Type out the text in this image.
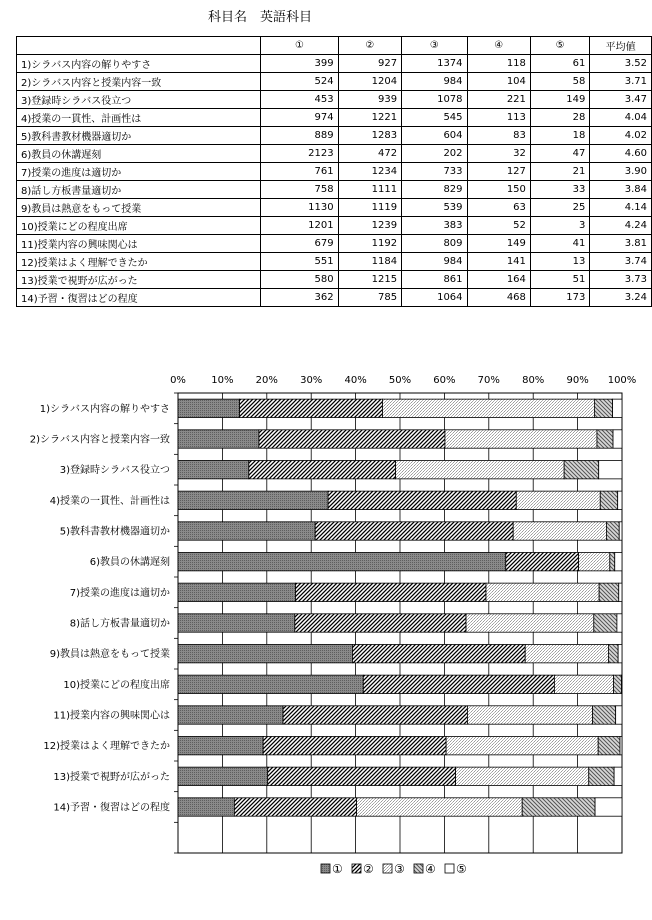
科目名　英語科目
	①	②	③	④	⑤	平均値
1)シラバス内容の解りやすさ	399	927	1374	118	61	3.52
2)シラバス内容と授業内容一致	524	1204	984	104	58	3.71
3)登録時シラバス役立つ	453	939	1078	221	149	3.47
4)授業の一貫性、計画性は	974	1221	545	113	28	4.04
5)教科書教材機器適切か	889	1283	604	83	18	4.02
6)教員の休講遅刻	2123	472	202	32	47	4.60
7)授業の進度は適切か	761	1234	733	127	21	3.90
8)話し方板書量適切か	758	1111	829	150	33	3.84
9)教員は熱意をもって授業	1130	1119	539	63	25	4.14
10)授業にどの程度出席	1201	1239	383	52	3	4.24
11)授業内容の興味関心は	679	1192	809	149	41	3.81
12)授業はよく理解できたか	551	1184	984	141	13	3.74
13)授業で視野が広がった	580	1215	861	164	51	3.73
14)予習・復習はどの程度	362	785	1064	468	173	3.24
0%	10% 20% 30% 40% 50% 60% 70% 80% 90% 100%
1)シラバス内容の解りやすさ
2)シラバス内容と授業内容一致
3)登録時シラバス役立つ
4)授業の一貫性、計画性は
5)教科書教材機器適切か
6)教員の休講遅刻
7)授業の進度は適切か
8)話し方板書量適切か
9)教員は熱意をもって授業
10)授業にどの程度出席
11)授業内容の興味関心は
12)授業はよく理解できたか
13)授業で視野が広がった
14)予習・復習はどの程度
① ② ③ ④ ⑤
